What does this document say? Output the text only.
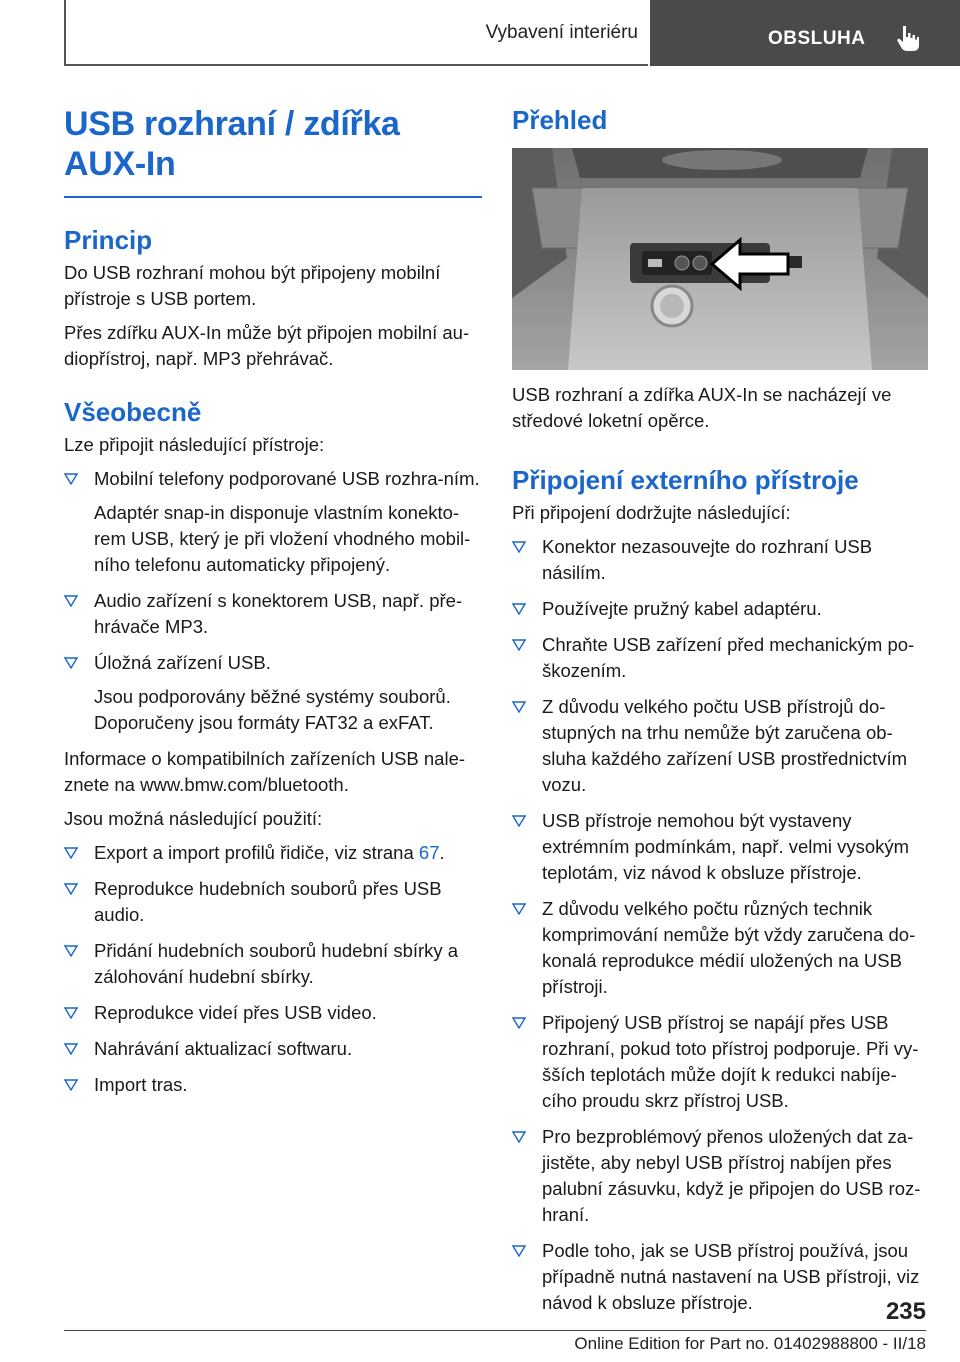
Vybavení interiéru	OBSLUHA
USB rozhraní / zdířka AUX-In
Princip

Do USB rozhraní mohou být připojeny mobilní přístroje s USB portem.

Přes zdířku AUX-In může být připojen mobilní au‐diopřístroj, např. MP3 přehrávač.

Všeobecně

Lze připojit následující přístroje:

Mobilní telefony podporované USB rozhra‐ním.
Adaptér snap-in disponuje vlastním konekto‐rem USB, který je při vložení vhodného mobil‐ního telefonu automaticky připojený.
Audio zařízení s konektorem USB, např. pře‐hrávače MP3.
Úložná zařízení USB.
Jsou podporovány běžné systémy souborů. Doporučeny jsou formáty FAT32 a exFAT.

Informace o kompatibilních zařízeních USB nale‐znete na www.bmw.com/bluetooth.

Jsou možná následující použití:

Export a import profilů řidiče, viz strana 67.
Reprodukce hudebních souborů přes USB audio.
Přidání hudebních souborů hudební sbírky a zálohování hudební sbírky.
Reprodukce videí přes USB video.
Nahrávání aktualizací softwaru.
Import tras.
Přehled

USB rozhraní a zdířka AUX-In se nacházejí ve středové loketní opěrce.

Připojení externího přístroje

Při připojení dodržujte následující:

Konektor nezasouvejte do rozhraní USB násilím.
Používejte pružný kabel adaptéru.
Chraňte USB zařízení před mechanickým po‐škozením.
Z důvodu velkého počtu USB přístrojů do‐stupných na trhu nemůže být zaručena ob‐sluha každého zařízení USB prostřednictvím vozu.
USB přístroje nemohou být vystaveny extrémním podmínkám, např. velmi vysokým teplotám, viz návod k obsluze přístroje.
Z důvodu velkého počtu různých technik komprimování nemůže být vždy zaručena do‐konalá reprodukce médií uložených na USB přístroji.
Připojený USB přístroj se napájí přes USB rozhraní, pokud toto přístroj podporuje. Při vy‐šších teplotách může dojít k redukci nabíje‐cího proudu skrz přístroj USB.
Pro bezproblémový přenos uložených dat za‐jistěte, aby nebyl USB přístroj nabíjen přes palubní zásuvku, když je připojen do USB roz‐hraní.
Podle toho, jak se USB přístroj používá, jsou případně nutná nastavení na USB přístroji, viz návod k obsluze přístroje.	235
Online Edition for Part no. 01402988800 - II/18
